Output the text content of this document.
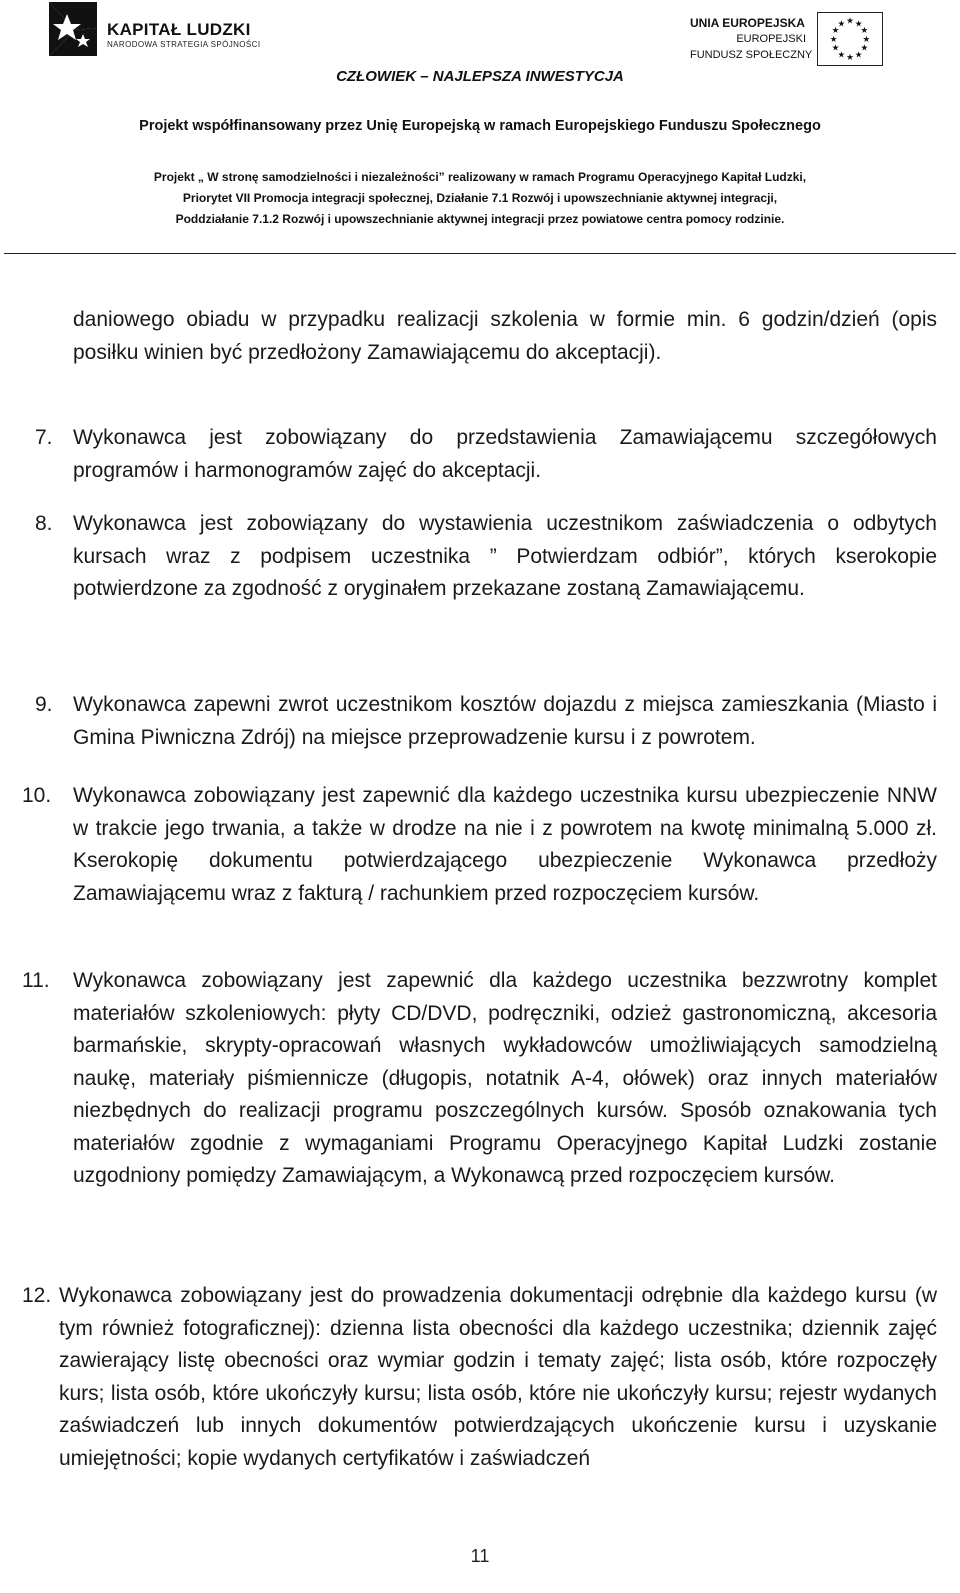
KAPITAŁ LUDZKI
NARODOWA STRATEGIA SPÓJNOŚCI
UNIA EUROPEJSKA
EUROPEJSKI
FUNDUSZ SPOŁECZNY
★ ★
★
★
★
★
★
★
★
★
★
★
CZŁOWIEK – NAJLEPSZA INWESTYCJA
Projekt współfinansowany przez Unię Europejską w ramach Europejskiego Funduszu Społecznego
Projekt „ W stronę samodzielności i niezależności” realizowany w ramach Programu Operacyjnego Kapitał Ludzki,
Priorytet VII Promocja integracji społecznej, Działanie 7.1 Rozwój i upowszechnianie aktywnej integracji,
Poddziałanie 7.1.2 Rozwój i upowszechnianie aktywnej integracji przez powiatowe centra pomocy rodzinie.
daniowego obiadu w przypadku realizacji szkolenia w formie min. 6 godzin/dzień (opis posiłku winien być przedłożony Zamawiającemu do akceptacji).
7. Wykonawca jest zobowiązany do przedstawienia Zamawiającemu szczegółowych programów i harmonogramów zajęć do akceptacji.
8. Wykonawca jest zobowiązany do wystawienia uczestnikom zaświadczenia o odbytych kursach wraz z podpisem uczestnika ” Potwierdzam odbiór”, których kserokopie potwierdzone za zgodność z oryginałem przekazane zostaną Zamawiającemu.
9. Wykonawca zapewni zwrot uczestnikom kosztów dojazdu z miejsca zamieszkania (Miasto i Gmina Piwniczna Zdrój) na miejsce przeprowadzenie kursu i z powrotem.
10. Wykonawca zobowiązany jest zapewnić dla każdego uczestnika kursu ubezpieczenie NNW w trakcie jego trwania, a także w drodze na nie i z powrotem na kwotę minimalną 5.000 zł. Kserokopię dokumentu potwierdzającego ubezpieczenie Wykonawca przedłoży Zamawiającemu wraz z fakturą / rachunkiem przed rozpoczęciem kursów.
11. Wykonawca zobowiązany jest zapewnić dla każdego uczestnika bezzwrotny komplet materiałów szkoleniowych: płyty CD/DVD, podręczniki, odzież gastronomiczną, akcesoria barmańskie, skrypty-opracowań własnych wykładowców umożliwiających samodzielną naukę, materiały piśmiennicze (długopis, notatnik A-4, ołówek) oraz innych materiałów niezbędnych do realizacji programu poszczególnych kursów. Sposób oznakowania tych materiałów zgodnie z wymaganiami Programu Operacyjnego Kapitał Ludzki zostanie uzgodniony pomiędzy Zamawiającym, a Wykonawcą przed rozpoczęciem kursów.
12. Wykonawca zobowiązany jest do prowadzenia dokumentacji odrębnie dla każdego kursu (w tym również fotograficznej): dzienna lista obecności dla każdego uczestnika; dziennik zajęć zawierający listę obecności oraz wymiar godzin i tematy zajęć; lista osób, które rozpoczęły kurs; lista osób, które ukończyły kursu; lista osób, które nie ukończyły kursu; rejestr wydanych zaświadczeń lub innych dokumentów potwierdzających ukończenie kursu i uzyskanie umiejętności; kopie wydanych certyfikatów i zaświadczeń
11
